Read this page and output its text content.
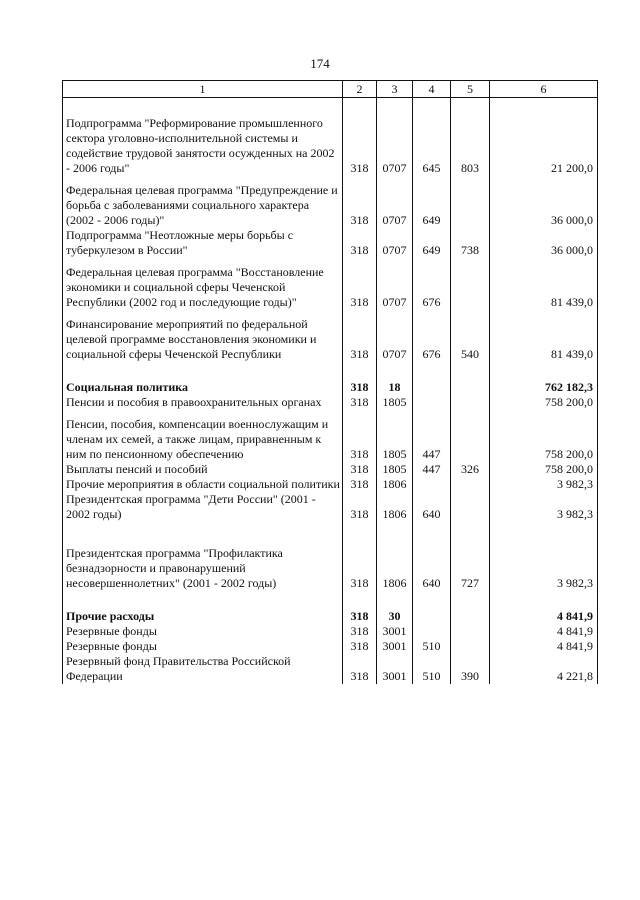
174
1	2	3	4	5	6

Подпрограмма "Реформирование промышленного сектора уголовно-исполнительной системы и содействие трудовой занятости осужденных на 2002 - 2006 годы"	318	0707	645	803	21 200,0
Федеральная целевая программа "Предупреждение и борьба с заболеваниями социального характера (2002 - 2006 годы)"	318	0707	649		36 000,0
Подпрограмма "Неотложные меры борьбы с туберкулезом в России"	318	0707	649	738	36 000,0
Федеральная целевая программа "Восстановление экономики и социальной сферы Чеченской Республики (2002 год и последующие годы)"	318	0707	676		81 439,0
Финансирование мероприятий по федеральной целевой программе восстановления экономики и социальной сферы Чеченской Республики	318	0707	676	540	81 439,0

Социальная политика	318	18			762 182,3
Пенсии и пособия в правоохранительных органах	318	1805			758 200,0
Пенсии, пособия, компенсации военнослужащим и членам их семей, а также лицам, приравненным к ним по пенсионному обеспечению	318	1805	447		758 200,0
Выплаты пенсий и пособий	318	1805	447	326	758 200,0
Прочие мероприятия в области социальной политики	318	1806			3 982,3
Президентская программа "Дети России" (2001 - 2002 годы)	318	1806	640		3 982,3

Президентская программа "Профилактика безнадзорности и правонарушений несовершеннолетних" (2001 - 2002 годы)	318	1806	640	727	3 982,3

Прочие расходы	318	30			4 841,9
Резервные фонды	318	3001			4 841,9
Резервные фонды	318	3001	510		4 841,9
Резервный фонд Правительства Российской Федерации	318	3001	510	390	4 221,8
